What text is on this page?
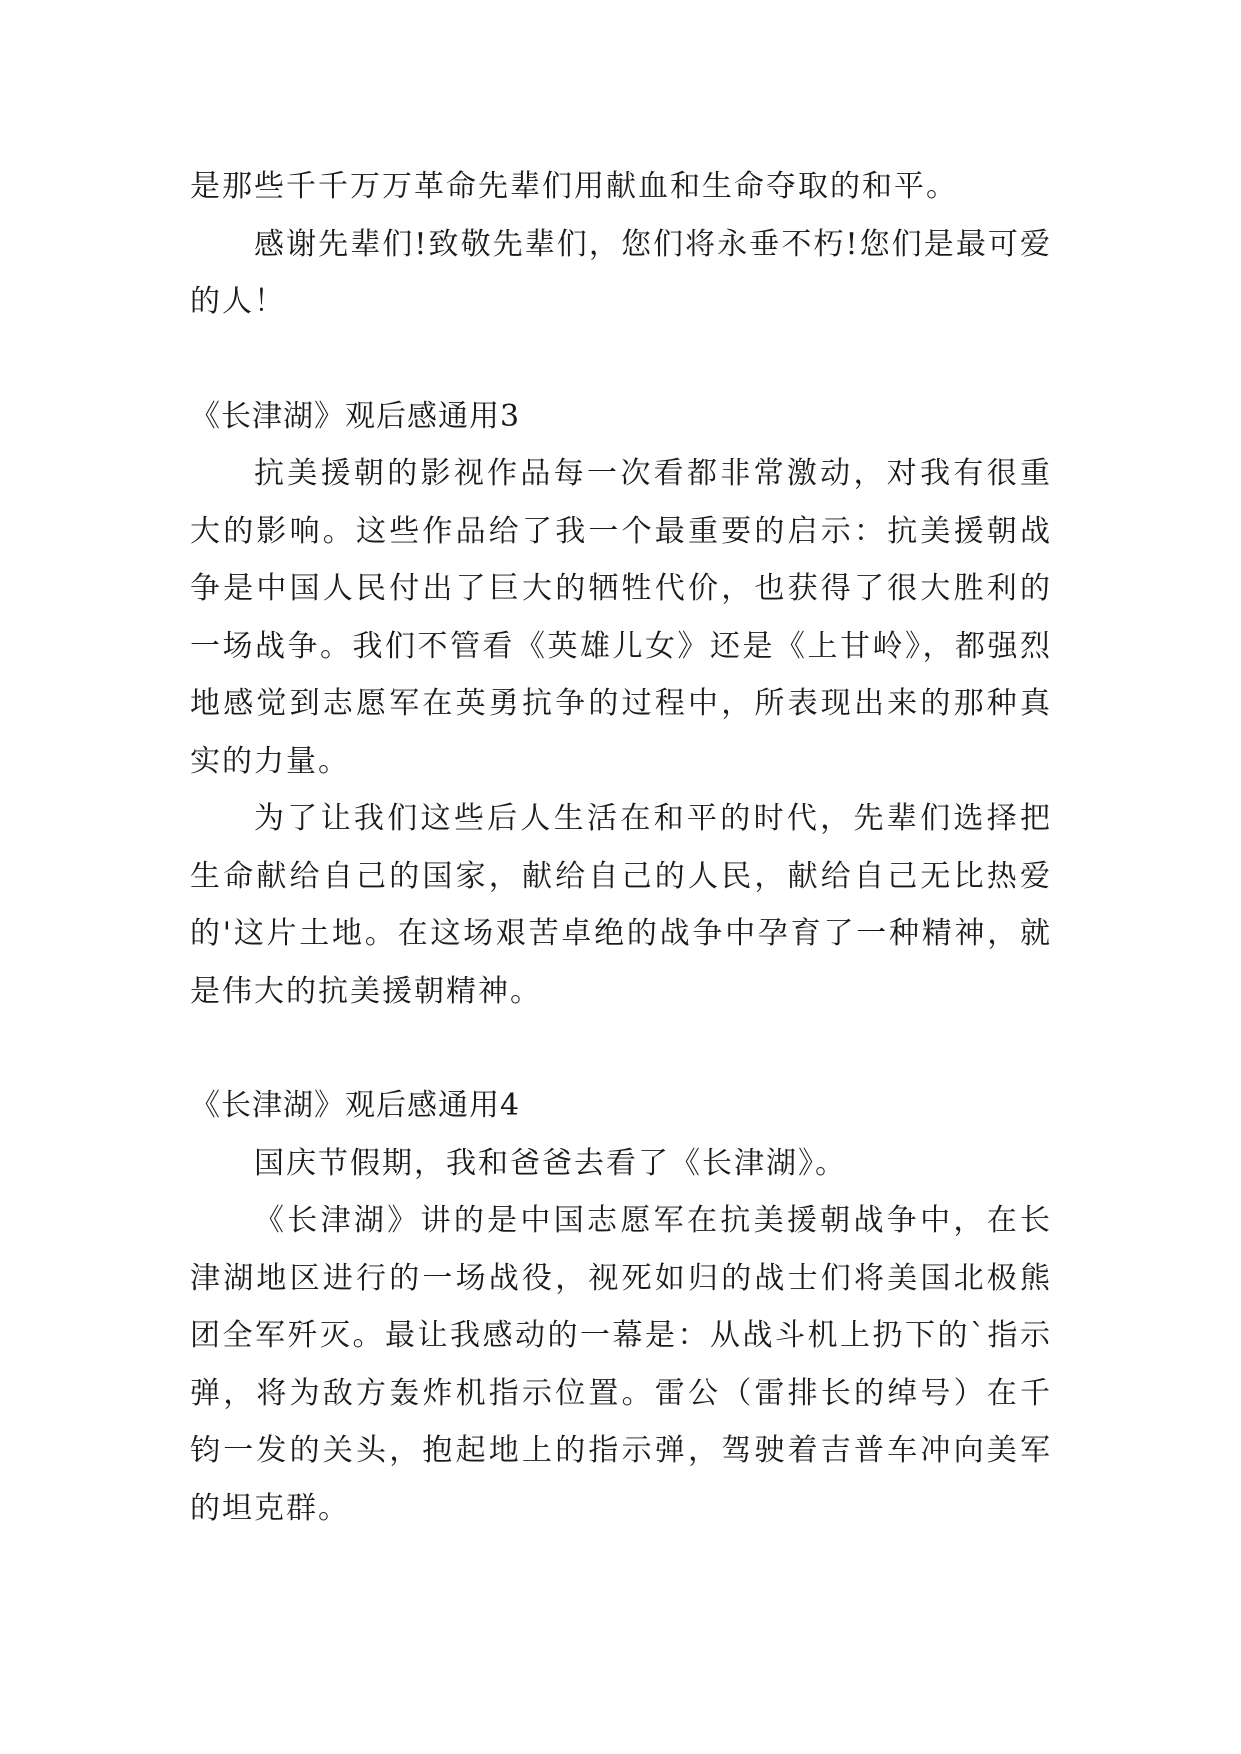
是那些千千万万革命先辈们用献血和生命夺取的和平。

感谢先辈们!致敬先辈们，您们将永垂不朽!您们是最可爱的人！

《长津湖》观后感通用3

抗美援朝的影视作品每一次看都非常激动，对我有很重大的影响。这些作品给了我一个最重要的启示：抗美援朝战争是中国人民付出了巨大的牺牲代价，也获得了很大胜利的一场战争。我们不管看《英雄儿女》还是《上甘岭》，都强烈地感觉到志愿军在英勇抗争的过程中，所表现出来的那种真实的力量。

为了让我们这些后人生活在和平的时代，先辈们选择把生命献给自己的国家，献给自己的人民，献给自己无比热爱的'这片土地。在这场艰苦卓绝的战争中孕育了一种精神，就是伟大的抗美援朝精神。

《长津湖》观后感通用4

国庆节假期，我和爸爸去看了《长津湖》。

《长津湖》讲的是中国志愿军在抗美援朝战争中，在长津湖地区进行的一场战役，视死如归的战士们将美国北极熊团全军歼灭。最让我感动的一幕是：从战斗机上扔下的`指示弹，将为敌方轰炸机指示位置。雷公（雷排长的绰号）在千钧一发的关头，抱起地上的指示弹，驾驶着吉普车冲向美军的坦克群。
